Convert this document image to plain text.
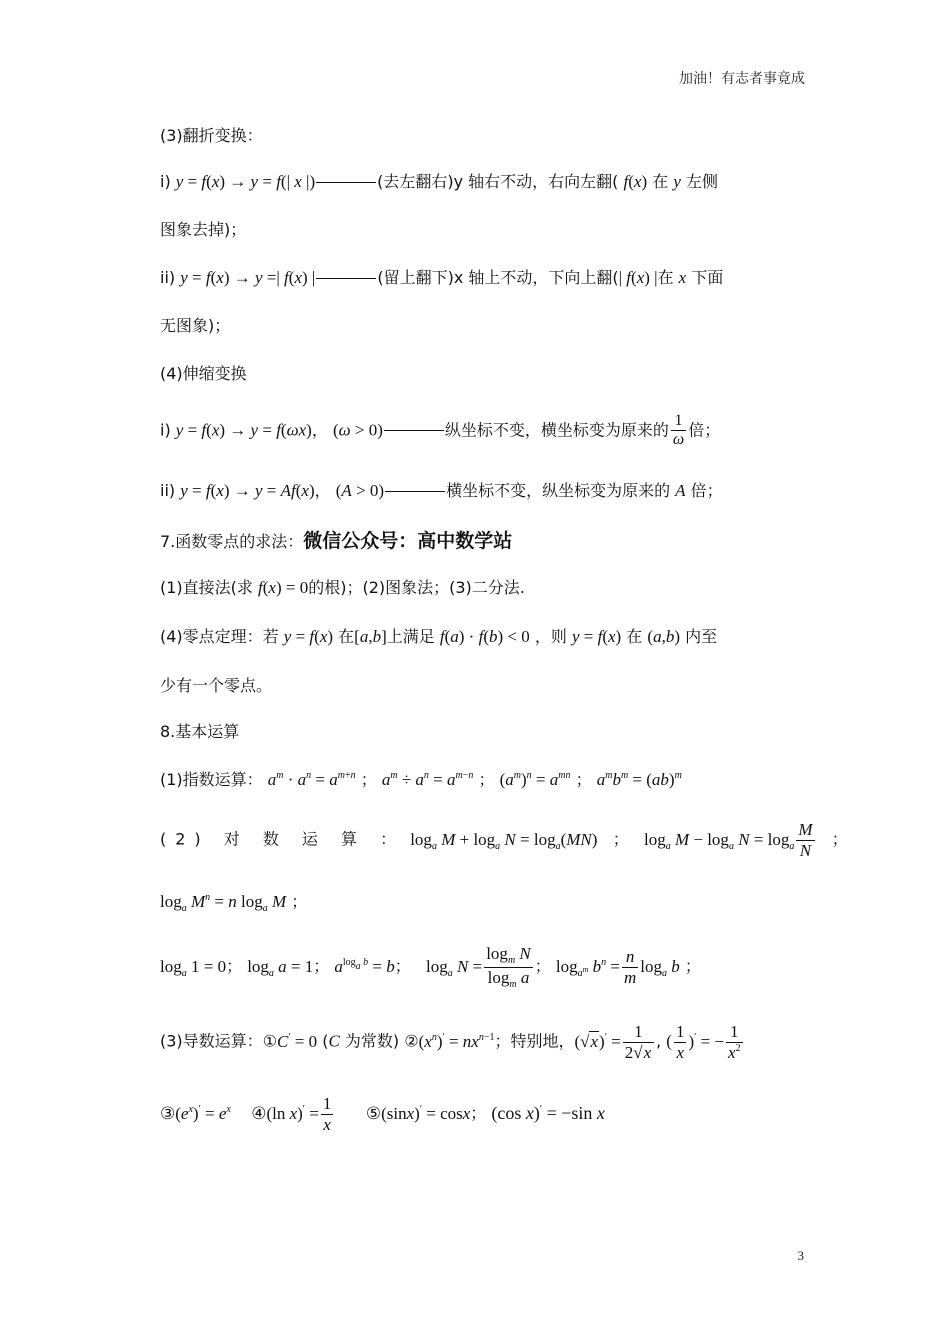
加油！有志者事竟成
(3)翻折变换：
i) y = f(x) → y = f(| x |)	(去左翻右)y 轴右不动，右向左翻( f(x) 在 y 左侧
图象去掉)；
ii) y = f(x) → y =| f(x) |	(留上翻下)x 轴上不动，下向上翻(| f(x) |在 x 下面
无图象)；
(4)伸缩变换
i) y = f(x) → y = f(ωx)， (ω > 0)	纵坐标不变，横坐标变为原来的 $\frac{1}{\omega}$ 倍；
ii) y = f(x) → y = Af(x)， (A > 0)	横坐标不变，纵坐标变为原来的 A 倍；
7.函数零点的求法：微信公众号：高中数学站
(1)直接法(求 f(x) = 0的根)；(2)图象法；(3)二分法.
(4)零点定理：若 y = f(x) 在[a,b]上满足 f(a) · f(b) < 0 ，则 y = f(x) 在 (a,b) 内至
少有一个零点。
8.基本运算
(1)指数运算： $a^m \cdot a^n = a^{m+n}$ ； $a^m \div a^n = a^{m-n}$ ； $(a^m)^n = a^{mn}$ ； $a^mb^m = (ab)^m$
(2) 对 数 运 算 ： $\log_a M + \log_a N = \log_a(MN)$ ； $\log_a M - \log_a N = \log_a \frac{M}{N}$ ；
$\log_a M^n = n$ $\log_a M$ ；
$\log_a 1 = 0$； $\log_a a = 1$； $a^{log_a b} = b$； $\log_a N = \frac{\log_m N}{\log_m a}$ ； $\log_{a^m} b^n = \frac{n}{m} \log_a b$ ；
(3)导数运算：①C′ = 0 (C 为常数) $②(x^n)' = nx^{n-1}$；特别地，$(√x)' = \frac{1}{2√x}$ , ( $\frac{1}{x} )'$ = − $\frac{1}{x^2}$
$③(e^x)' = e^x$ ④(ln $x)' = \frac{1}{x}$ ⑤(sinx)′ = cosx； (cos x)′ = −sin x
3
